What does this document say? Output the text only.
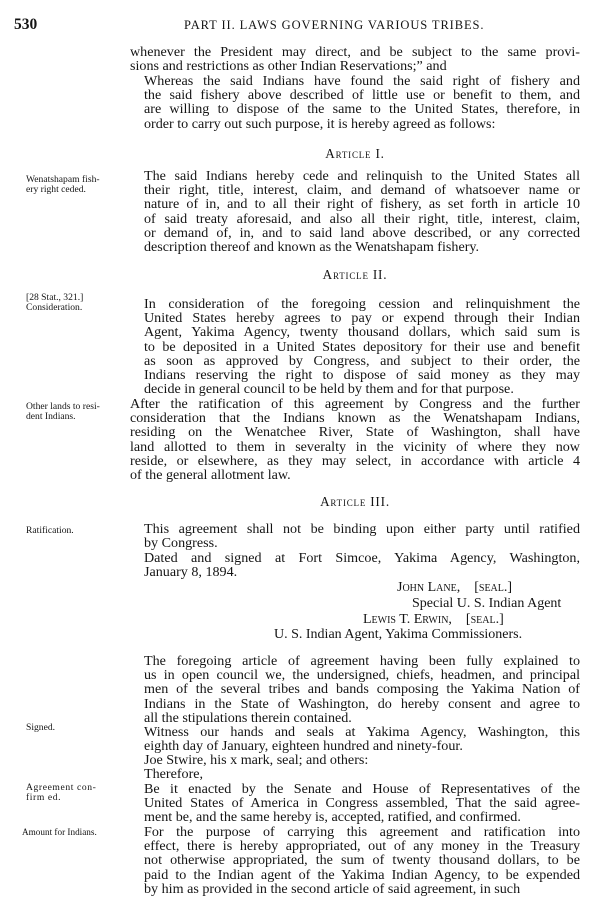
530	PART II. LAWS GOVERNING VARIOUS TRIBES.
whenever the President may direct, and be subject to the same provi-
sions and restrictions as other Indian Reservations;” and
Whereas the said Indians have found the said right of fishery and
the said fishery above described of little use or benefit to them, and
are willing to dispose of the same to the United States, therefore, in
order to carry out such purpose, it is hereby agreed as follows:
Article I.
The said Indians hereby cede and relinquish to the United States all
their right, title, interest, claim, and demand of whatsoever name or
nature of in, and to all their right of fishery, as set forth in article 10
of said treaty aforesaid, and also all their right, title, interest, claim,
or demand of, in, and to said land above described, or any corrected
description thereof and known as the Wenatshapam fishery.
Article II.
In consideration of the foregoing cession and relinquishment the
United States hereby agrees to pay or expend through their Indian
Agent, Yakima Agency, twenty thousand dollars, which said sum is
to be deposited in a United States depository for their use and benefit
as soon as approved by Congress, and subject to their order, the
Indians reserving the right to dispose of said money as they may
decide in general council to be held by them and for that purpose.
After the ratification of this agreement by Congress and the further
consideration that the Indians known as the Wenatshapam Indians,
residing on the Wenatchee River, State of Washington, shall have
land allotted to them in severalty in the vicinity of where they now
reside, or elsewhere, as they may select, in accordance with article 4
of the general allotment law.
Article III.
This agreement shall not be binding upon either party until ratified
by Congress.
Dated and signed at Fort Simcoe, Yakima Agency, Washington,
January 8, 1894.
John Lane, [seal.]
Special U. S. Indian Agent
Lewis T. Erwin, [seal.]
U. S. Indian Agent, Yakima Commissioners.
The foregoing article of agreement having been fully explained to
us in open council we, the undersigned, chiefs, headmen, and principal
men of the several tribes and bands composing the Yakima Nation of
Indians in the State of Washington, do hereby consent and agree to
all the stipulations therein contained.
Witness our hands and seals at Yakima Agency, Washington, this
eighth day of January, eighteen hundred and ninety-four.
Joe Stwire, his x mark, seal; and others:
Therefore,
Be it enacted by the Senate and House of Representatives of the
United States of America in Congress assembled, That the said agree-
ment be, and the same hereby is, accepted, ratified, and confirmed.
For the purpose of carrying this agreement and ratification into
effect, there is hereby appropriated, out of any money in the Treasury
not otherwise appropriated, the sum of twenty thousand dollars, to be
paid to the Indian agent of the Yakima Indian Agency, to be expended
by him as provided in the second article of said agreement, in such
Wenatshapam fish-
ery right ceded.
[28 Stat., 321.]
Consideration.
Other lands to resi-
dent Indians.
Ratification.
Signed.
Agreement con-
firm ed.
Amount for Indians.
